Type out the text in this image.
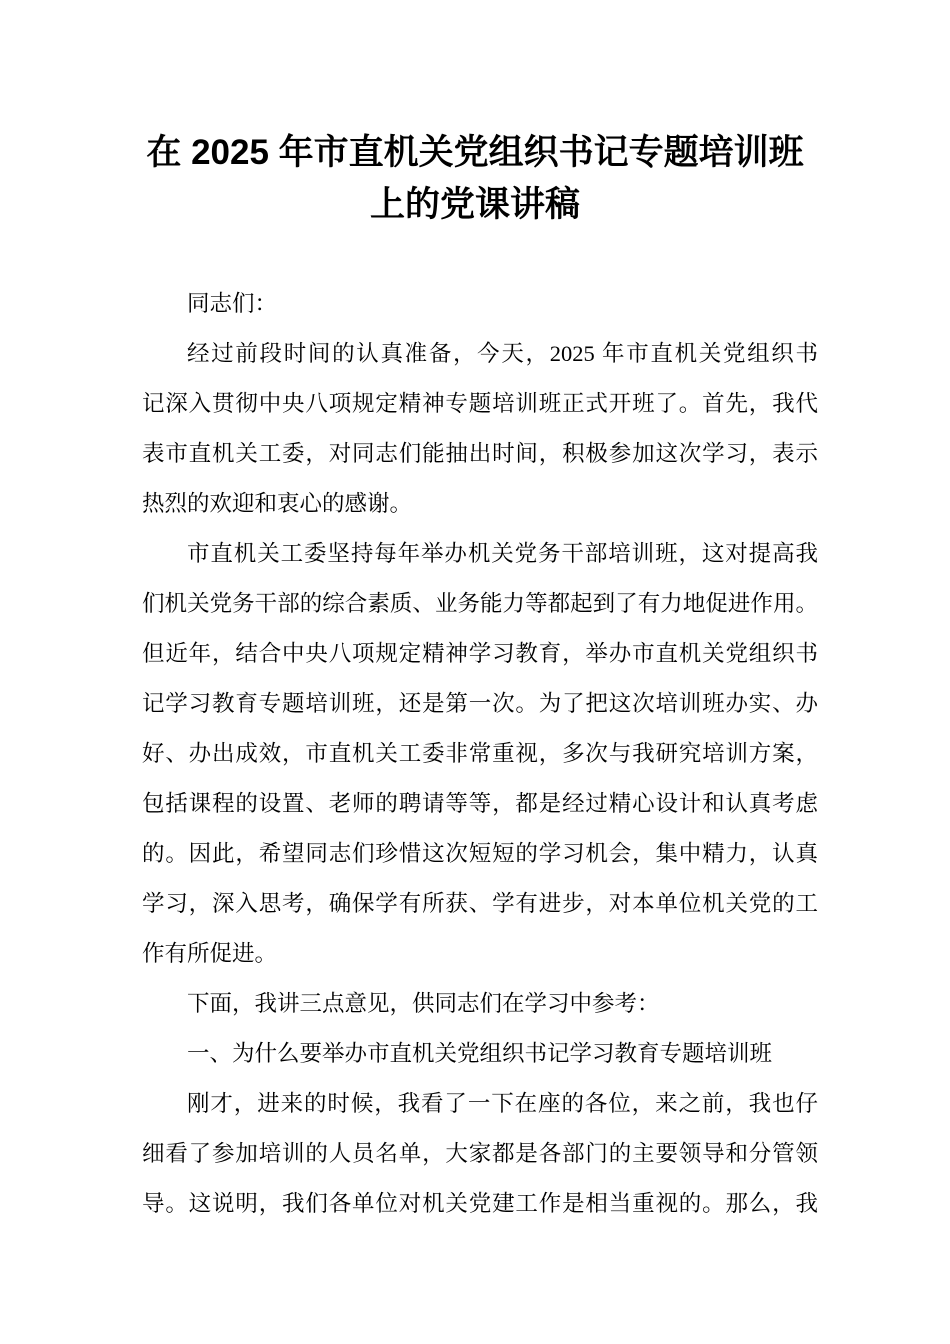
在 2025 年市直机关党组织书记专题培训班
上的党课讲稿
同志们：
经过前段时间的认真准备，今天，2025 年市直机关党组织书
记深入贯彻中央八项规定精神专题培训班正式开班了。首先，我代
表市直机关工委，对同志们能抽出时间，积极参加这次学习，表示
热烈的欢迎和衷心的感谢。
市直机关工委坚持每年举办机关党务干部培训班，这对提高我
们机关党务干部的综合素质、业务能力等都起到了有力地促进作用。
但近年，结合中央八项规定精神学习教育，举办市直机关党组织书
记学习教育专题培训班，还是第一次。为了把这次培训班办实、办
好、办出成效，市直机关工委非常重视，多次与我研究培训方案，
包括课程的设置、老师的聘请等等，都是经过精心设计和认真考虑
的。因此，希望同志们珍惜这次短短的学习机会，集中精力，认真
学习，深入思考，确保学有所获、学有进步，对本单位机关党的工
作有所促进。
下面，我讲三点意见，供同志们在学习中参考：
一、为什么要举办市直机关党组织书记学习教育专题培训班
刚才，进来的时候，我看了一下在座的各位，来之前，我也仔
细看了参加培训的人员名单，大家都是各部门的主要领导和分管领
导。这说明，我们各单位对机关党建工作是相当重视的。那么，我
